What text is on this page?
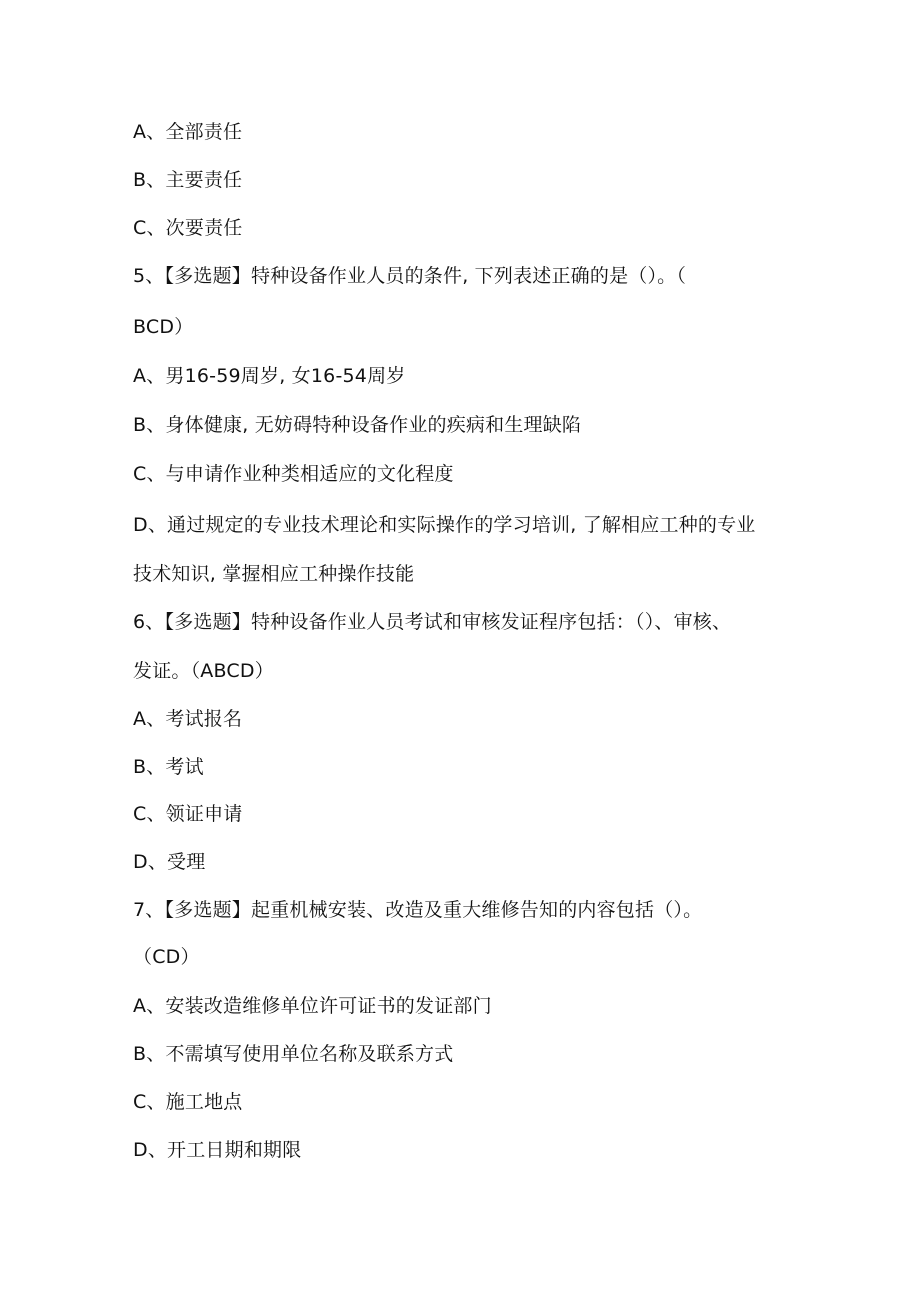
A、全部责任
B、主要责任
C、次要责任
5、【多选题】特种设备作业人员的条件, 下列表述正确的是（）。（
BCD）
A、男16-59周岁, 女16-54周岁
B、身体健康, 无妨碍特种设备作业的疾病和生理缺陷
C、与申请作业种类相适应的文化程度
D、通过规定的专业技术理论和实际操作的学习培训, 了解相应工种的专业
技术知识, 掌握相应工种操作技能
6、【多选题】特种设备作业人员考试和审核发证程序包括：（）、审核、
发证。（ABCD）
A、考试报名
B、考试
C、领证申请
D、受理
7、【多选题】起重机械安装、改造及重大维修告知的内容包括（）。
（CD）
A、安装改造维修单位许可证书的发证部门
B、不需填写使用单位名称及联系方式
C、施工地点
D、开工日期和期限
